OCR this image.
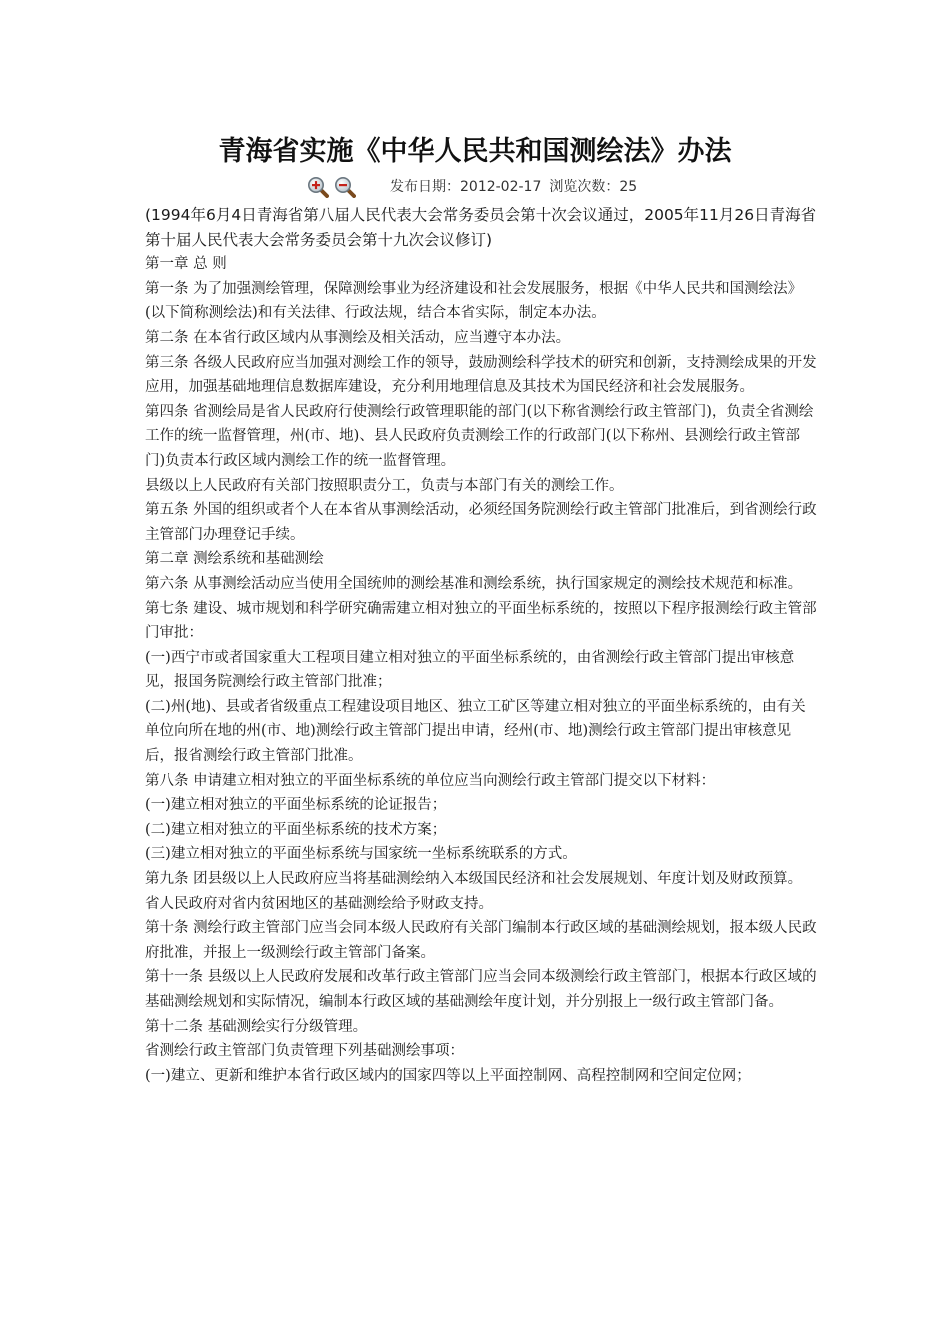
青海省实施《中华人民共和国测绘法》办法
发布日期：2012-02-17 浏览次数：25

(1994年6月4日青海省第八届人民代表大会常务委员会第十次会议通过，2005年11月26日青海省第十届人民代表大会常务委员会第十九次会议修订)

第一章 总 则

第一条 为了加强测绘管理，保障测绘事业为经济建设和社会发展服务，根据《中华人民共和国测绘法》(以下简称测绘法)和有关法律、行政法规，结合本省实际，制定本办法。

第二条 在本省行政区域内从事测绘及相关活动，应当遵守本办法。

第三条 各级人民政府应当加强对测绘工作的领导，鼓励测绘科学技术的研究和创新，支持测绘成果的开发应用，加强基础地理信息数据库建设，充分利用地理信息及其技术为国民经济和社会发展服务。

第四条 省测绘局是省人民政府行使测绘行政管理职能的部门(以下称省测绘行政主管部门)，负责全省测绘工作的统一监督管理，州(市、地)、县人民政府负责测绘工作的行政部门(以下称州、县测绘行政主管部门)负责本行政区域内测绘工作的统一监督管理。

县级以上人民政府有关部门按照职责分工，负责与本部门有关的测绘工作。

第五条 外国的组织或者个人在本省从事测绘活动，必须经国务院测绘行政主管部门批准后，到省测绘行政主管部门办理登记手续。

第二章 测绘系统和基础测绘

第六条 从事测绘活动应当使用全国统帅的测绘基准和测绘系统，执行国家规定的测绘技术规范和标准。

第七条 建设、城市规划和科学研究确需建立相对独立的平面坐标系统的，按照以下程序报测绘行政主管部门审批：

(一)西宁市或者国家重大工程项目建立相对独立的平面坐标系统的，由省测绘行政主管部门提出审核意见，报国务院测绘行政主管部门批准；

(二)州(地)、县或者省级重点工程建设项目地区、独立工矿区等建立相对独立的平面坐标系统的，由有关单位向所在地的州(市、地)测绘行政主管部门提出申请，经州(市、地)测绘行政主管部门提出审核意见后，报省测绘行政主管部门批准。

第八条 申请建立相对独立的平面坐标系统的单位应当向测绘行政主管部门提交以下材料：

(一)建立相对独立的平面坐标系统的论证报告；

(二)建立相对独立的平面坐标系统的技术方案；

(三)建立相对独立的平面坐标系统与国家统一坐标系统联系的方式。

第九条 团县级以上人民政府应当将基础测绘纳入本级国民经济和社会发展规划、年度计划及财政预算。

省人民政府对省内贫困地区的基础测绘给予财政支持。

第十条 测绘行政主管部门应当会同本级人民政府有关部门编制本行政区域的基础测绘规划，报本级人民政府批准，并报上一级测绘行政主管部门备案。

第十一条 县级以上人民政府发展和改革行政主管部门应当会同本级测绘行政主管部门，根据本行政区域的基础测绘规划和实际情况，编制本行政区域的基础测绘年度计划，并分别报上一级行政主管部门备。

第十二条 基础测绘实行分级管理。

省测绘行政主管部门负责管理下列基础测绘事项：

(一)建立、更新和维护本省行政区域内的国家四等以上平面控制网、高程控制网和空间定位网；
